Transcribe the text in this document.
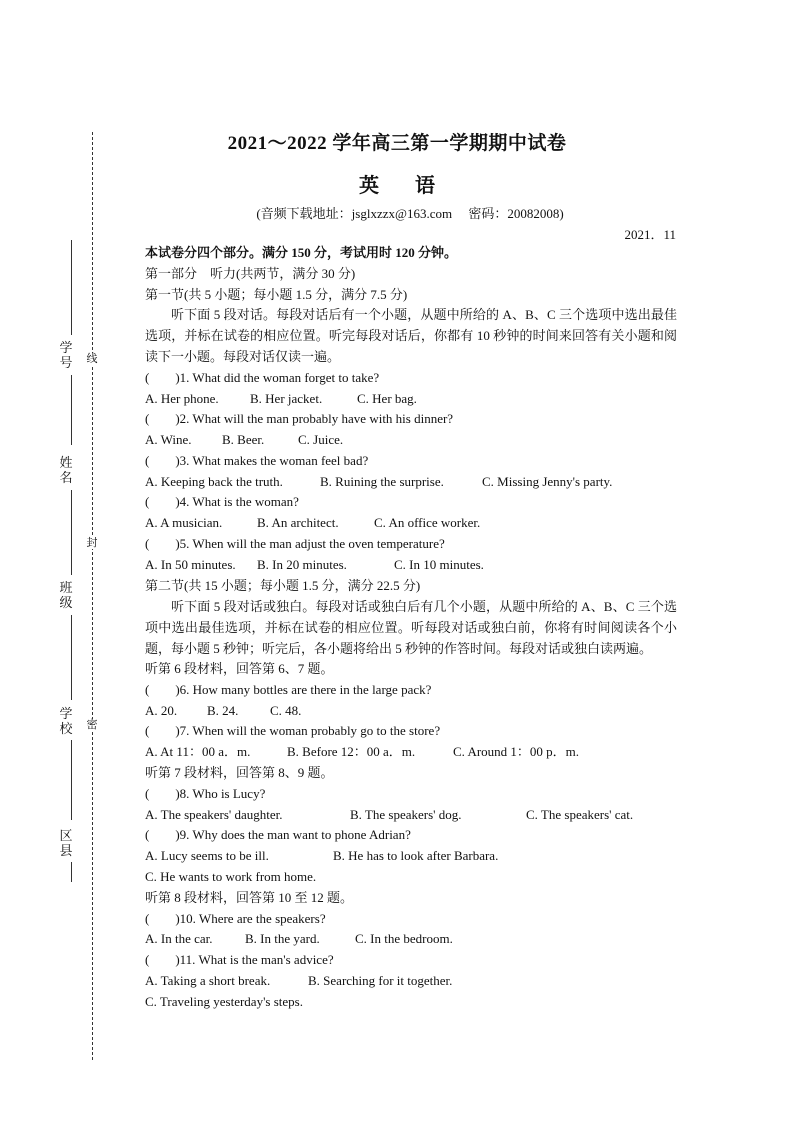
学号
姓名
班级
学校
区县
线
封
密
2021～2022 学年高三第一学期期中试卷
英 语
(音频下载地址：jsglxzzx@163.com　 密码：20082008)
2021．11
本试卷分四个部分。满分 150 分，考试用时 120 分钟。
第一部分　听力(共两节，满分 30 分)
第一节(共 5 小题；每小题 1.5 分，满分 7.5 分)
听下面 5 段对话。每段对话后有一个小题，从题中所给的 A、B、C 三个选项中选出最佳选项，并标在试卷的相应位置。听完每段对话后，你都有 10 秒钟的时间来回答有关小题和阅读下一小题。每段对话仅读一遍。
(　　)1. What did the woman forget to take?
A. Her phone. B. Her jacket.	C. Her bag.
(　　)2. What will the man probably have with his dinner?
A. Wine. B. Beer.	C. Juice.
(　　)3. What makes the woman feel bad?
A. Keeping back the truth.	B. Ruining the surprise.	C. Missing Jenny's party.
(　　)4. What is the woman?
A. A musician.	B. An architect.	C. An office worker.
(　　)5. When will the man adjust the oven temperature?
A. In 50 minutes. B. In 20 minutes.	C. In 10 minutes.
第二节(共 15 小题；每小题 1.5 分，满分 22.5 分)
听下面 5 段对话或独白。每段对话或独白后有几个小题，从题中所给的 A、B、C 三个选项中选出最佳选项，并标在试卷的相应位置。听每段对话或独白前，你将有时间阅读各个小题，每小题 5 秒钟；听完后，各小题将给出 5 秒钟的作答时间。每段对话或独白读两遍。
听第 6 段材料，回答第 6、7 题。
(　　)6. How many bottles are there in the large pack?
A. 20. B. 24. C. 48.
(　　)7. When will the woman probably go to the store?
A. At 11：00 a．m.	B. Before 12：00 a．m.	C. Around 1：00 p．m.
听第 7 段材料，回答第 8、9 题。
(　　)8. Who is Lucy?
A. The speakers' daughter.	B. The speakers' dog.	C. The speakers' cat.
(　　)9. Why does the man want to phone Adrian?
A. Lucy seems to be ill.	B. He has to look after Barbara.
C. He wants to work from home.
听第 8 段材料，回答第 10 至 12 题。
(　　)10. Where are the speakers?
A. In the car. B. In the yard.	C. In the bedroom.
(　　)11. What is the man's advice?
A. Taking a short break.	B. Searching for it together.
C. Traveling yesterday's steps.
